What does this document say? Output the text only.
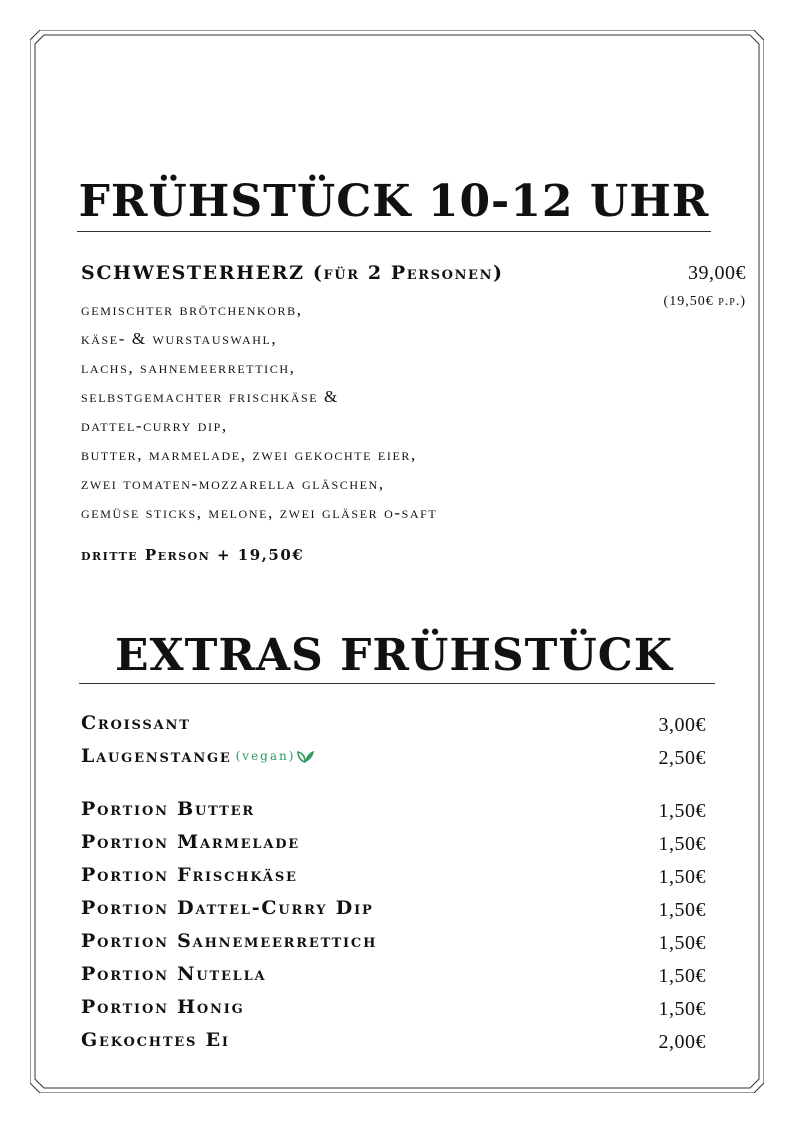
FRÜHSTÜCK 10-12 UHR
SCHWESTERHERZ (für 2 Personen)	39,00€
(19,50€ p.p.)
gemischter brötchenkorb,
käse- & wurstauswahl,
lachs, sahnemeerrettich,
selbstgemachter frischkäse &
dattel-curry dip,
butter, marmelade, zwei gekochte eier,
zwei tomaten-mozzarella gläschen,
gemüse sticks, melone, zwei gläser o-saft
dritte Person + 19,50€
EXTRAS FRÜHSTÜCK
Croissant	3,00€
Laugenstange (vegan)	2,50€
Portion Butter	1,50€
Portion Marmelade	1,50€
Portion Frischkäse	1,50€
Portion Dattel-Curry Dip	1,50€
Portion Sahnemeerrettich	1,50€
Portion Nutella	1,50€
Portion Honig	1,50€
Gekochtes Ei	2,00€
